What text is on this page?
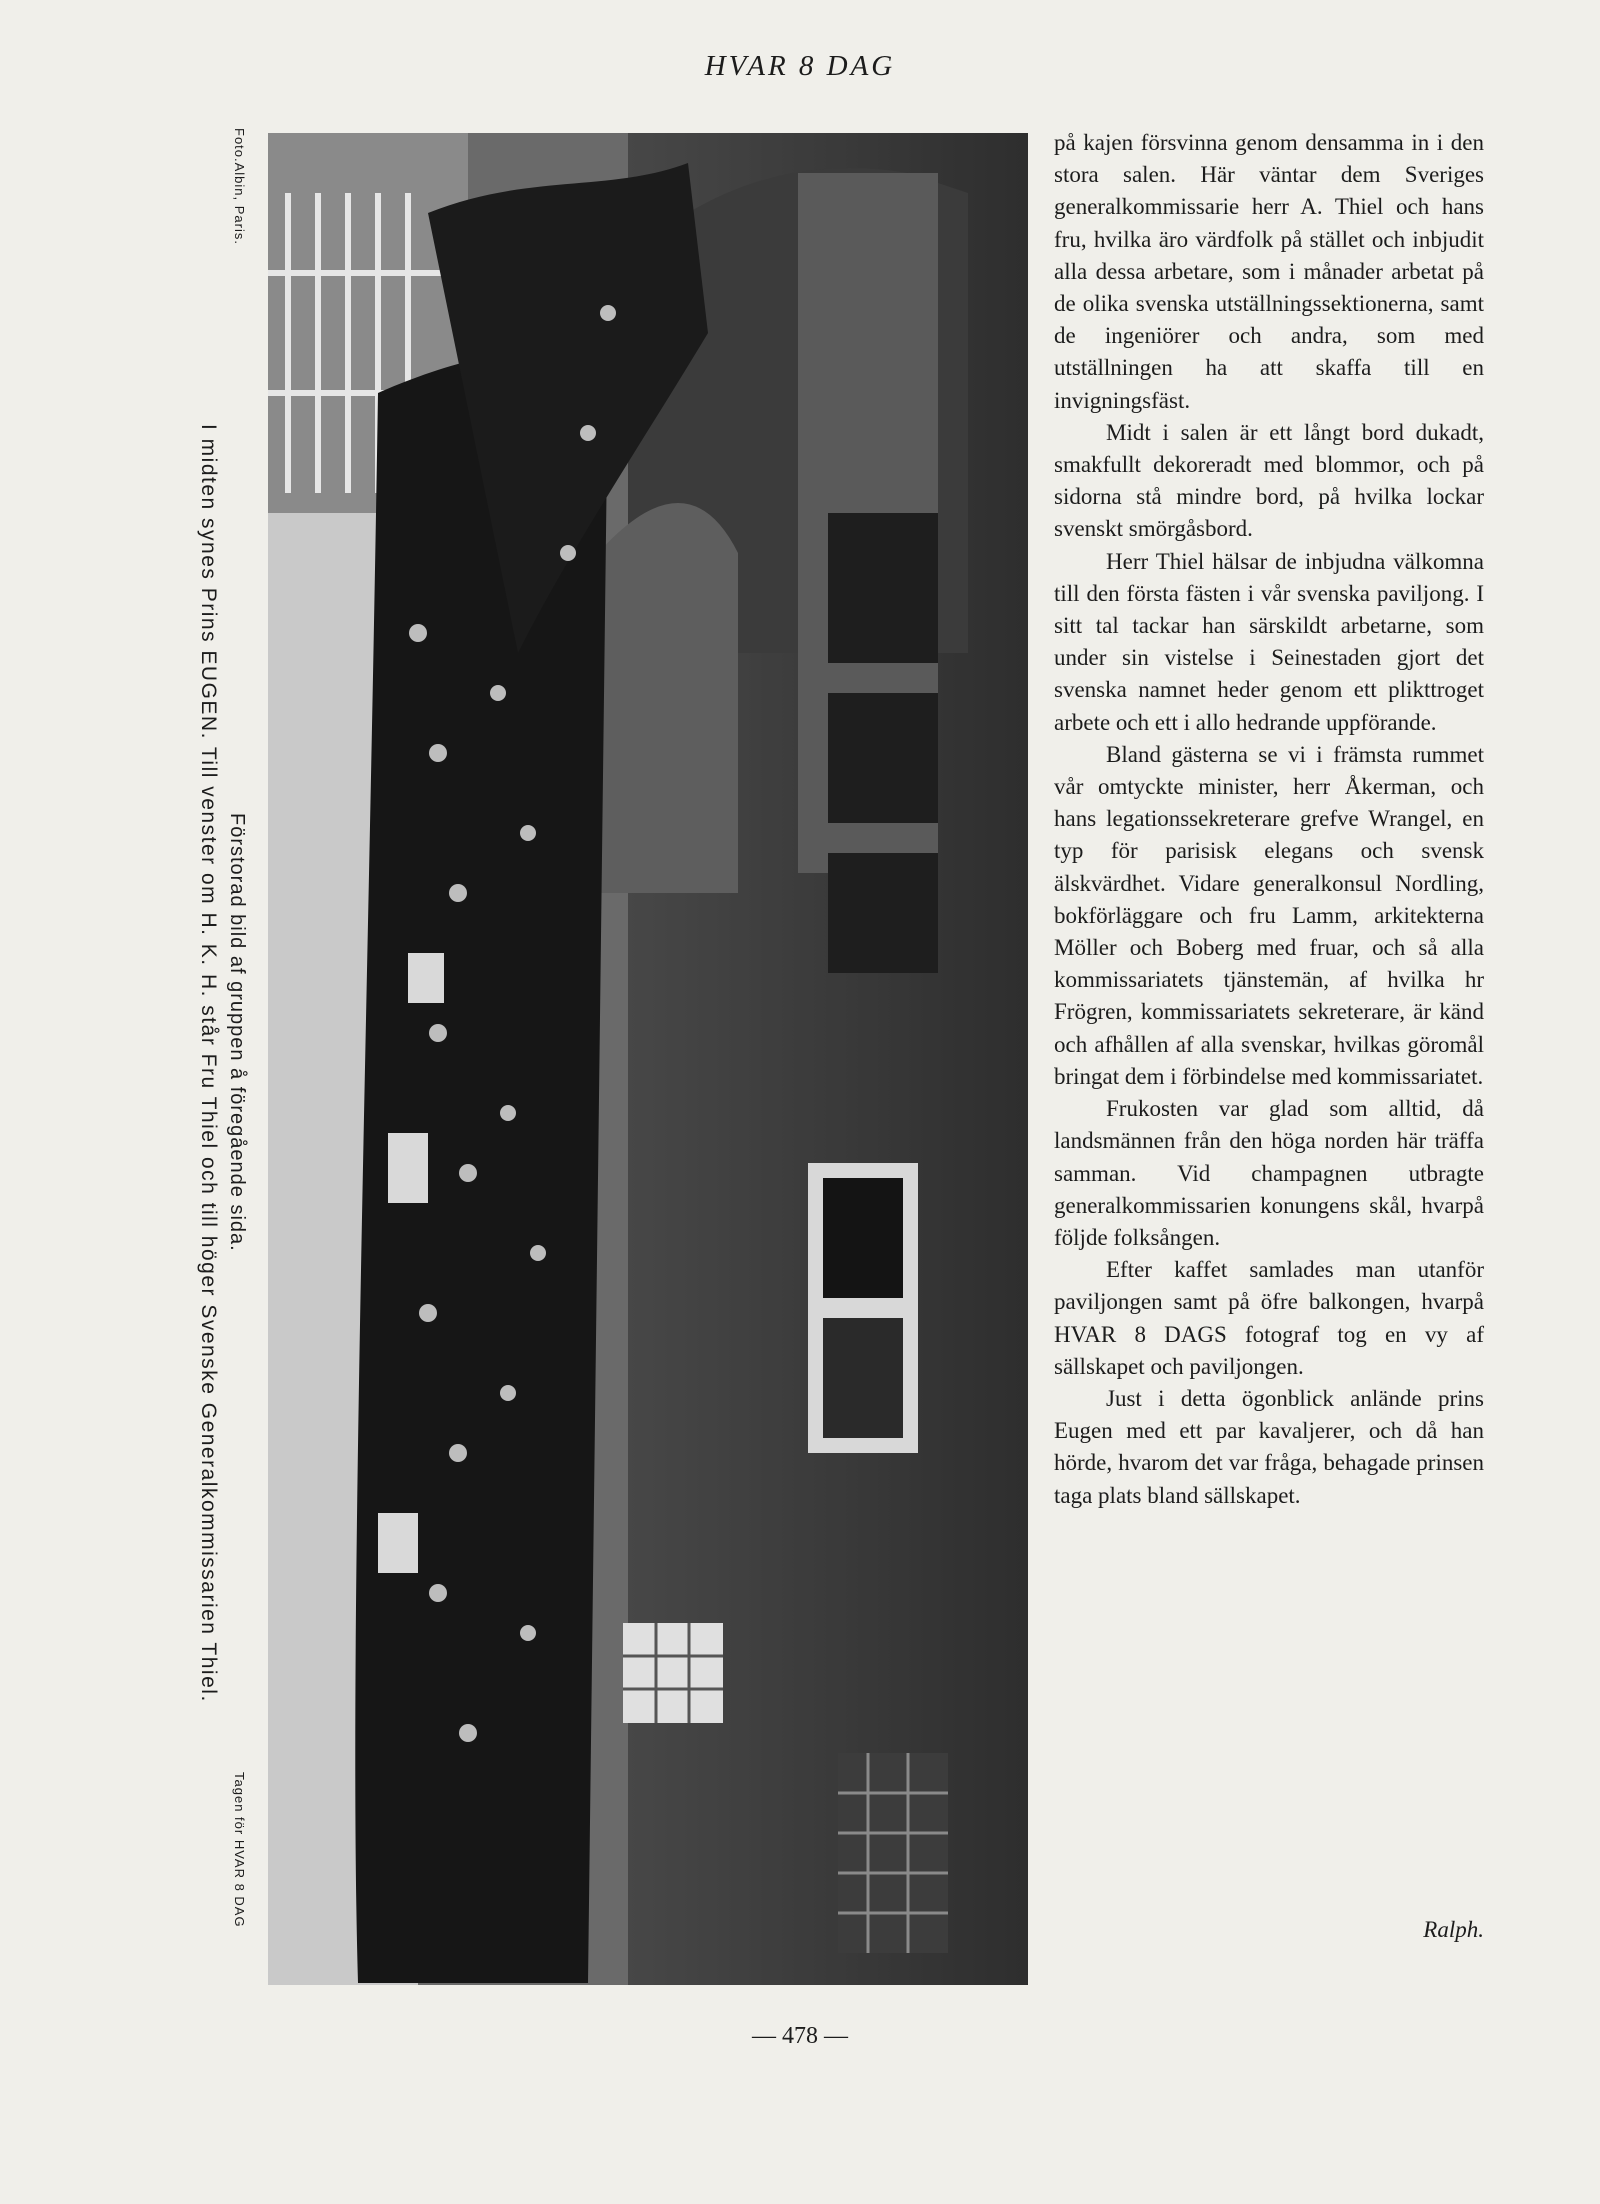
HVAR 8 DAG
Foto.Albin, Paris.
Tagen för HVAR 8 DAG
Förstorad bild af gruppen å föregående sida.
I midten synes Prins EUGEN. Till venster om H. K. H. står Fru Thiel och till höger Svenske Generalkommissarien Thiel.

på kajen försvinna genom densamma in i den stora salen. Här väntar dem Sveriges generalkommissarie herr A. Thiel och hans fru, hvilka äro värdfolk på stället och inbjudit alla dessa arbetare, som i månader arbetat på de olika svenska utställningssektionerna, samt de ingeniörer och andra, som med utställningen ha att skaffa till en invigningsfäst.

Midt i salen är ett långt bord dukadt, smakfullt dekoreradt med blommor, och på sidorna stå mindre bord, på hvilka lockar svenskt smörgåsbord.

Herr Thiel hälsar de inbjudna välkomna till den första fästen i vår svenska paviljong. I sitt tal tackar han särskildt arbetarne, som under sin vistelse i Seinestaden gjort det svenska namnet heder genom ett plikttroget arbete och ett i allo hedrande uppförande.

Bland gästerna se vi i främsta rummet vår omtyckte minister, herr Åkerman, och hans legationssekreterare grefve Wrangel, en typ för parisisk elegans och svensk älskvärdhet. Vidare generalkonsul Nordling, bokförläggare och fru Lamm, arkitekterna Möller och Boberg med fruar, och så alla kommissariatets tjänstemän, af hvilka hr Frögren, kommissariatets sekreterare, är känd och afhållen af alla svenskar, hvilkas göromål bringat dem i förbindelse med kommissariatet.

Frukosten var glad som alltid, då landsmännen från den höga norden här träffa samman. Vid champagnen utbragte generalkommissarien konungens skål, hvarpå följde folksången.

Efter kaffet samlades man utanför paviljongen samt på öfre balkongen, hvarpå HVAR 8 DAGS fotograf tog en vy af sällskapet och paviljongen.

Just i detta ögonblick anlände prins Eugen med ett par kavaljerer, och då han hörde, hvarom det var fråga, behagade prinsen taga plats bland sällskapet.

Ralph.
— 478 —
